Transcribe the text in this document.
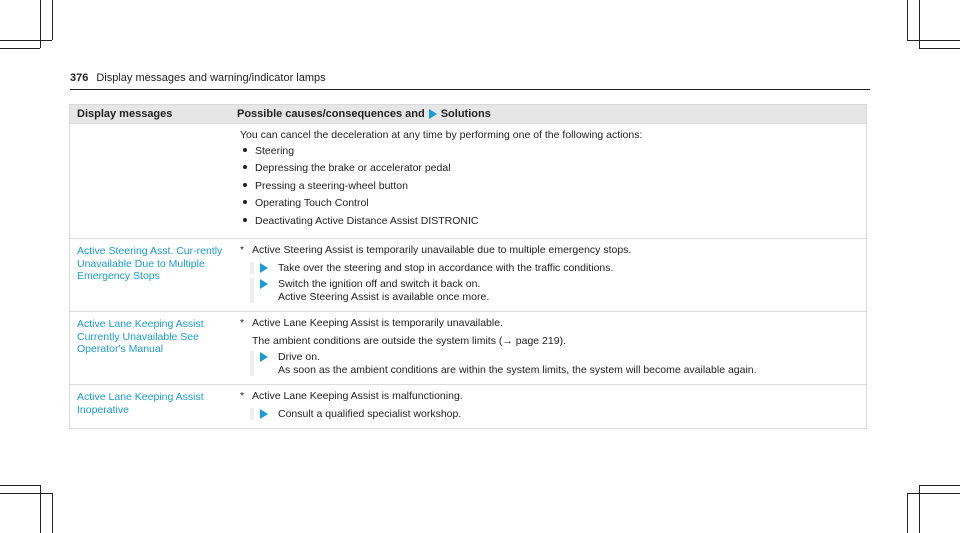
376 Display messages and warning/indicator lamps
Display messages	Possible causes/consequences and Solutions

You can cancel the deceleration at any time by performing one of the following actions:

Steering
Depressing the brake or accelerator pedal
Pressing a steering-wheel button
Operating Touch Control
Deactivating Active Distance Assist DISTRONIC
Active Steering Asst. Cur-rently Unavailable Due to Multiple Emergency Stops
* Active Steering Assist is temporarily unavailable due to multiple emergency stops.
Take over the steering and stop in accordance with the traffic conditions.
Switch the ignition off and switch it back on.
Active Steering Assist is available once more.
Active Lane Keeping Assist Currently Unavailable See Operator's Manual
* Active Lane Keeping Assist is temporarily unavailable.

The ambient conditions are outside the system limits (→ page 219).

Drive on.
As soon as the ambient conditions are within the system limits, the system will become available again.
Active Lane Keeping Assist Inoperative
* Active Lane Keeping Assist is malfunctioning.
Consult a qualified specialist workshop.
